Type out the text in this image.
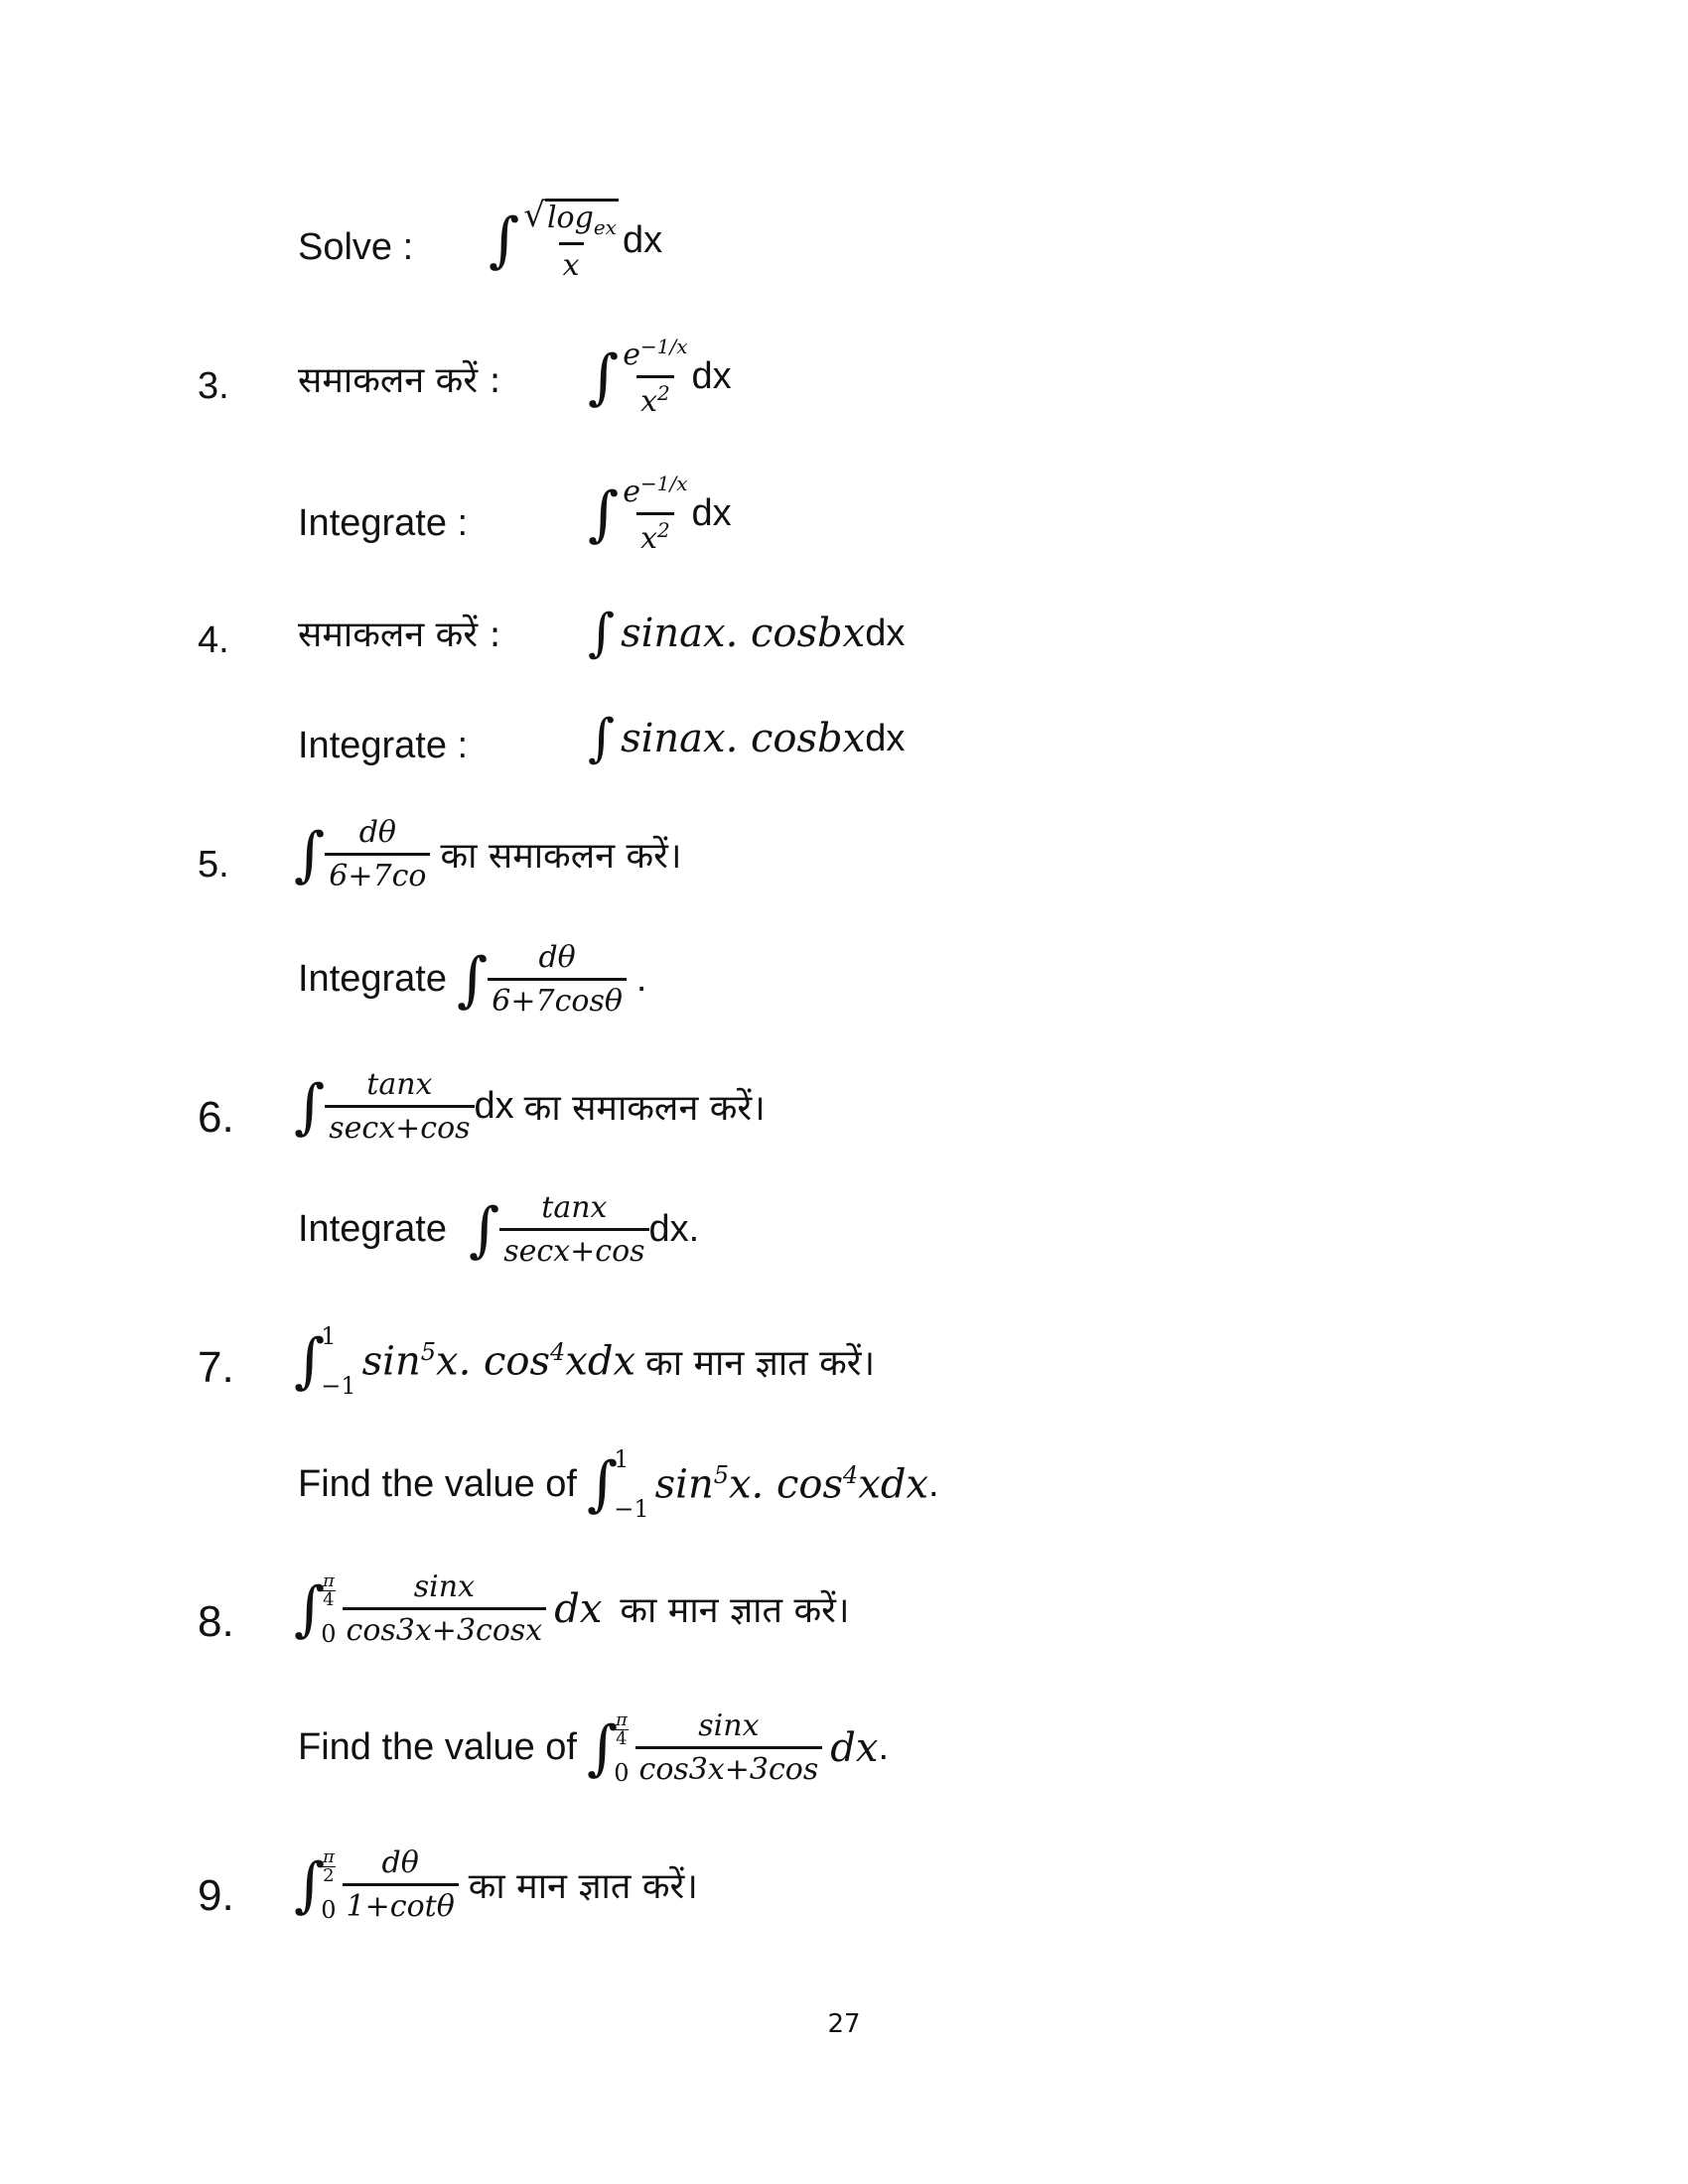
Solve : ∫ $\frac{√ \log_{ex}}{x}$ dx
3. समाकलन करें : ∫ $\frac{e^{-1/x}}{x^2}$ dx
Integrate : ∫ $\frac{e^{-1/x}}{x^2}$ dx
4. समाकलन करें : ∫ sinax. cosbx dx
Integrate : ∫ sinax. cosbx dx
5. ∫ $\frac{d\theta}{6+7co}$ का समाकलन करें।
Integrate ∫ $\frac{d\theta}{6+7\cos\theta}$ .
6. ∫ $\frac{\tan x}{\sec x+\cos}$ dx का समाकलन करें।
Integrate ∫ $\frac{\tan x}{\sec x+\cos}$ dx.
7. ∫
1
−1
$\sin^5x$. $\cos^4xdx$ का मान ज्ञात करें।
Find the value of ∫
1
−1
$\sin^5x$. $\cos^4xdx$ .
8. ∫
π
4
$0 \frac{\sin x}{\cos 3x+3\cos x}$ dx का मान ज्ञात करें।
Find the value of ∫
π
4
$0 \frac{\sin x}{\cos 3x+3\cos}$ dx .
9. ∫
π
2
$0 \frac{d\theta}{1+\cot\theta}$ का मान ज्ञात करें।
27
